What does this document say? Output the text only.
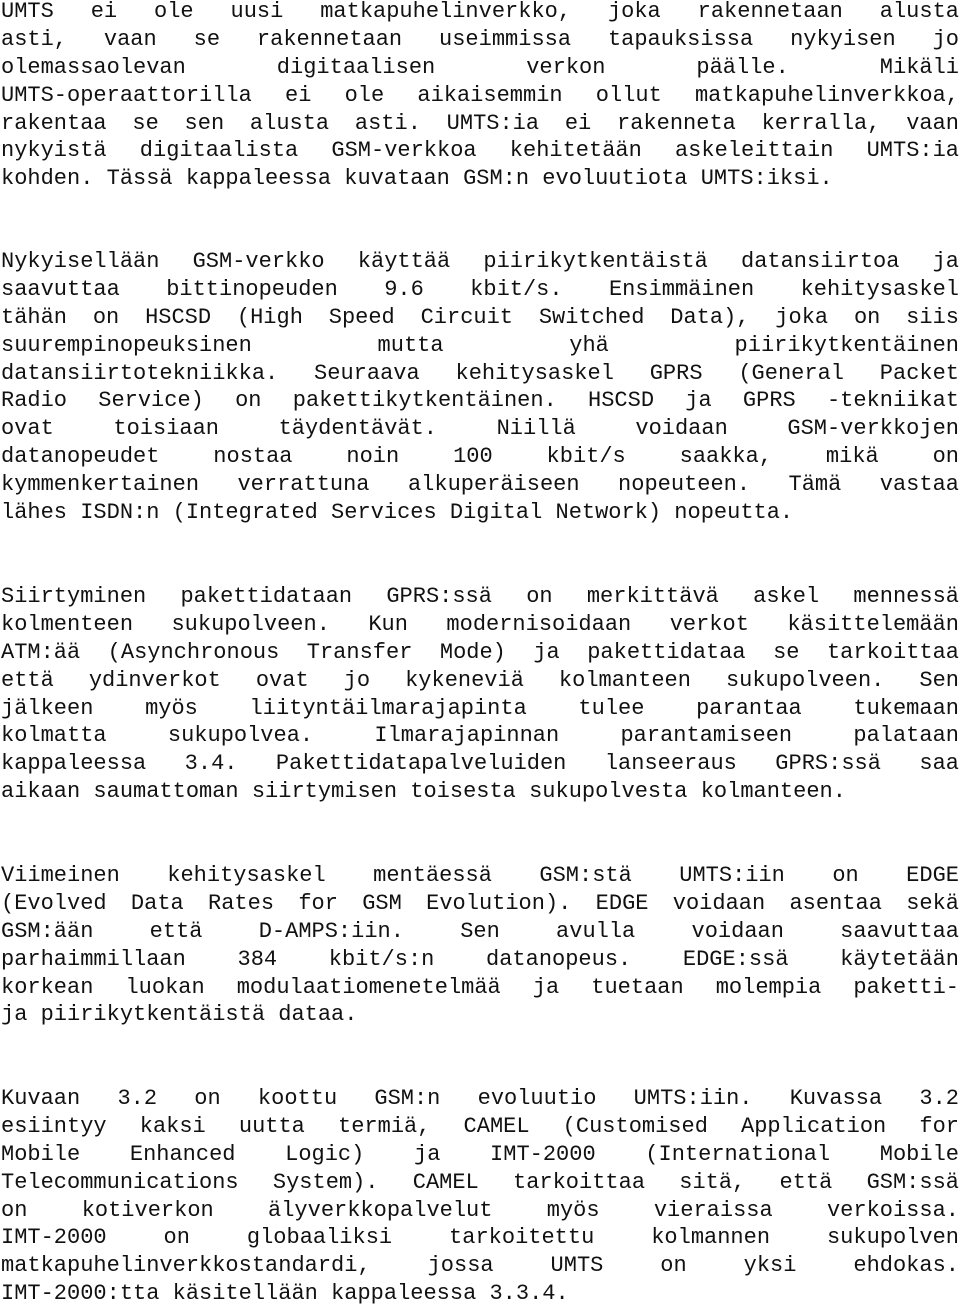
UMTS ei ole uusi matkapuhelinverkko, joka rakennetaan alusta
asti, vaan se rakennetaan useimmissa tapauksissa nykyisen jo
olemassaolevan digitaalisen verkon päälle. Mikäli
UMTS-operaattorilla ei ole aikaisemmin ollut matkapuhelinverkkoa,
rakentaa se sen alusta asti. UMTS:ia ei rakenneta kerralla, vaan
nykyistä digitaalista GSM-verkkoa kehitetään askeleittain UMTS:ia
kohden. Tässä kappaleessa kuvataan GSM:n evoluutiota UMTS:iksi.
Nykyisellään GSM-verkko käyttää piirikytkentäistä datansiirtoa ja
saavuttaa bittinopeuden 9.6 kbit/s. Ensimmäinen kehitysaskel
tähän on HSCSD (High Speed Circuit Switched Data), joka on siis
suurempinopeuksinen mutta yhä piirikytkentäinen
datansiirtotekniikka. Seuraava kehitysaskel GPRS (General Packet
Radio Service) on pakettikytkentäinen. HSCSD ja GPRS -tekniikat
ovat toisiaan täydentävät. Niillä voidaan GSM-verkkojen
datanopeudet nostaa noin 100 kbit/s saakka, mikä on
kymmenkertainen verrattuna alkuperäiseen nopeuteen. Tämä vastaa
lähes ISDN:n (Integrated Services Digital Network) nopeutta.
Siirtyminen pakettidataan GPRS:ssä on merkittävä askel mennessä
kolmenteen sukupolveen. Kun modernisoidaan verkot käsittelemään
ATM:ää (Asynchronous Transfer Mode) ja pakettidataa se tarkoittaa
että ydinverkot ovat jo kykeneviä kolmanteen sukupolveen. Sen
jälkeen myös liityntäilmarajapinta tulee parantaa tukemaan
kolmatta sukupolvea. Ilmarajapinnan parantamiseen palataan
kappaleessa 3.4. Pakettidatapalveluiden lanseeraus GPRS:ssä saa
aikaan saumattoman siirtymisen toisesta sukupolvesta kolmanteen.
Viimeinen kehitysaskel mentäessä GSM:stä UMTS:iin on EDGE
(Evolved Data Rates for GSM Evolution). EDGE voidaan asentaa sekä
GSM:ään että D-AMPS:iin. Sen avulla voidaan saavuttaa
parhaimmillaan 384 kbit/s:n datanopeus. EDGE:ssä käytetään
korkean luokan modulaatiomenetelmää ja tuetaan molempia paketti-
ja piirikytkentäistä dataa.
Kuvaan 3.2 on koottu GSM:n evoluutio UMTS:iin. Kuvassa 3.2
esiintyy kaksi uutta termiä, CAMEL (Customised Application for
Mobile Enhanced Logic) ja IMT-2000 (International Mobile
Telecommunications System). CAMEL tarkoittaa sitä, että GSM:ssä
on kotiverkon älyverkkopalvelut myös vieraissa verkoissa.
IMT-2000 on globaaliksi tarkoitettu kolmannen sukupolven
matkapuhelinverkkostandardi, jossa UMTS on yksi ehdokas.
IMT-2000:tta käsitellään kappaleessa 3.3.4.
